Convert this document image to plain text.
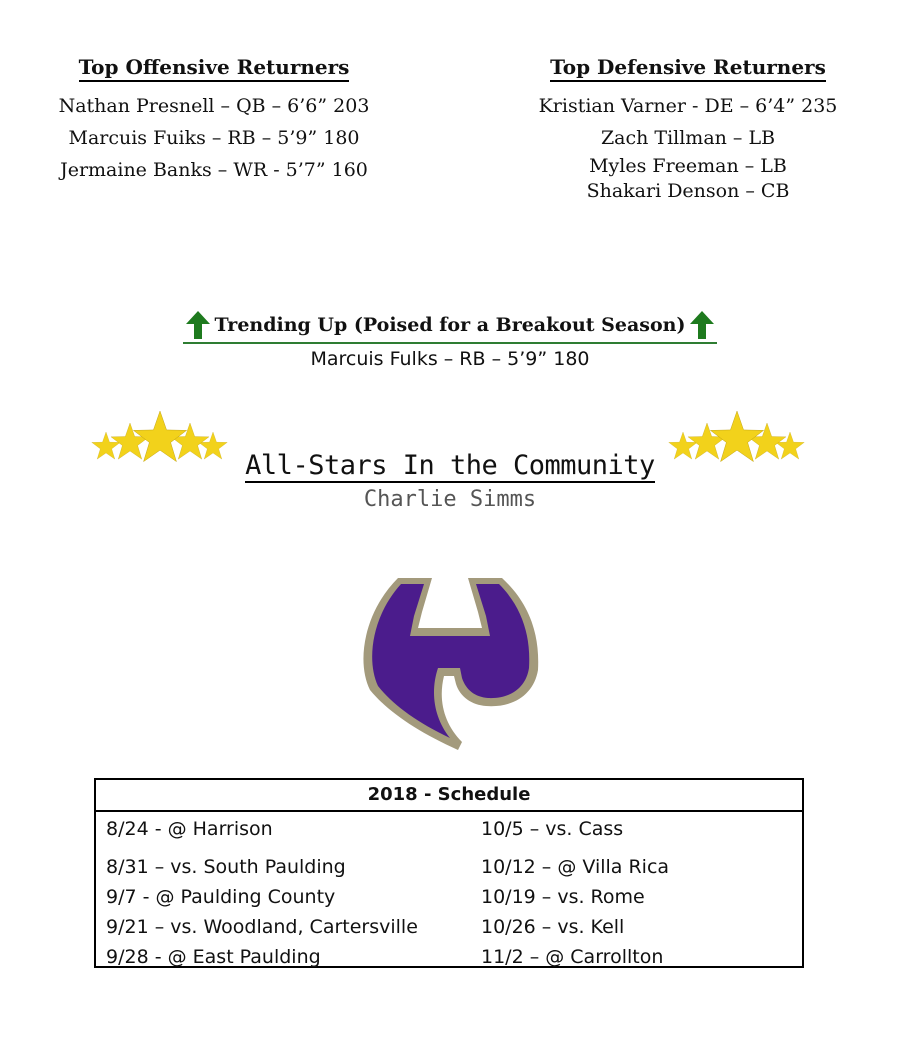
Top Offensive Returners
Nathan Presnell – QB – 6’6” 203
Marcuis Fuiks – RB – 5’9” 180
Jermaine Banks – WR - 5’7” 160
Top Defensive Returners
Kristian Varner - DE – 6’4” 235
Zach Tillman – LB
Myles Freeman – LB
Shakari Denson – CB
Trending Up (Poised for a Breakout Season)
Marcuis Fulks – RB – 5’9” 180
All-Stars In the Community
Charlie Simms
2018 - Schedule
8/24 - @ Harrison	10/5 – vs. Cass
8/31 – vs. South Paulding	10/12 – @ Villa Rica
9/7 - @ Paulding County	10/19 – vs. Rome
9/21 – vs. Woodland, Cartersville	10/26 – vs. Kell
9/28 - @ East Paulding	11/2 – @ Carrollton
